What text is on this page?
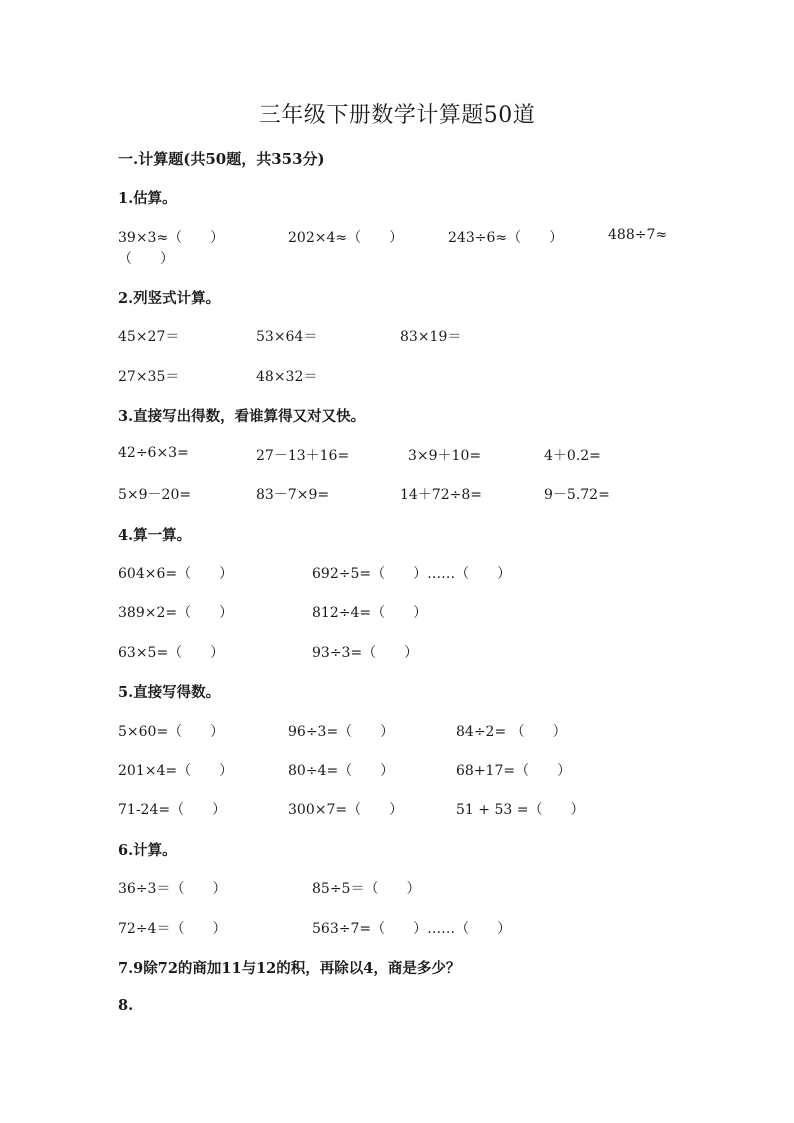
三年级下册数学计算题50道
一.计算题(共50题，共353分)
1.估算。
39×3≈（　　）	202×4≈（　　）	243÷6≈（　　）	488÷7≈
（　　）
2.列竖式计算。
45×27＝	53×64＝	83×19＝
27×35＝	48×32＝
3.直接写出得数，看谁算得又对又快。
42÷6×3=	27－13＋16=	3×9＋10=	4＋0.2=
5×9－20=	83－7×9=	14＋72÷8=	9－5.72=
4.算一算。
604×6=（　　）	692÷5=（　　）……（　　）
389×2=（　　）	812÷4=（　　）
63×5=（　　）	93÷3=（　　）
5.直接写得数。
5×60=（　　）	96÷3=（　　）	84÷2= （　　）
201×4=（　　）	80÷4=（　　）	68+17=（　　）
71-24=（　　）	300×7=（　　）	51 + 53 =（　　）
6.计算。
36÷3＝（　　）	85÷5＝（　　）
72÷4＝（　　）	563÷7=（　　）……（　　）
7.9除72的商加11与12的积，再除以4，商是多少？
8.
